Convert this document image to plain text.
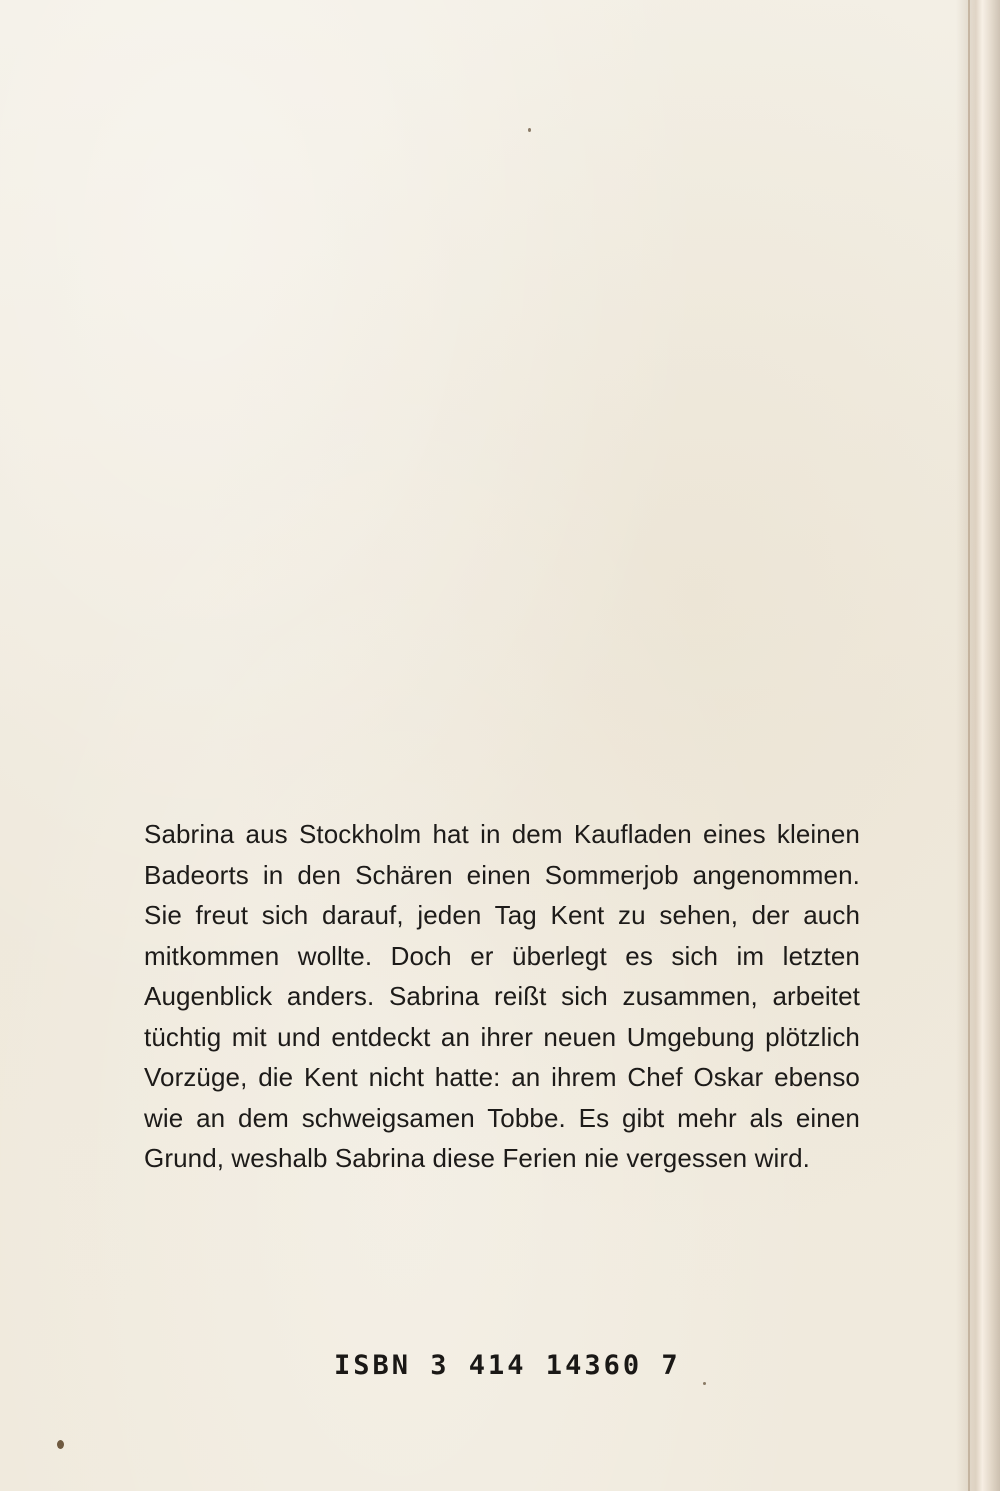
Sabrina aus Stockholm hat in dem Kaufladen eines kleinen
Badeorts in den Schären einen Sommerjob angenommen.
Sie freut sich darauf, jeden Tag Kent zu sehen, der auch
mitkommen wollte. Doch er überlegt es sich im letzten
Augenblick anders. Sabrina reißt sich zusammen, arbeitet
tüchtig mit und entdeckt an ihrer neuen Umgebung plötzlich
Vorzüge, die Kent nicht hatte: an ihrem Chef Oskar ebenso
wie an dem schweigsamen Tobbe. Es gibt mehr als einen
Grund, weshalb Sabrina diese Ferien nie vergessen wird.

ISBN 3 414 14360 7
